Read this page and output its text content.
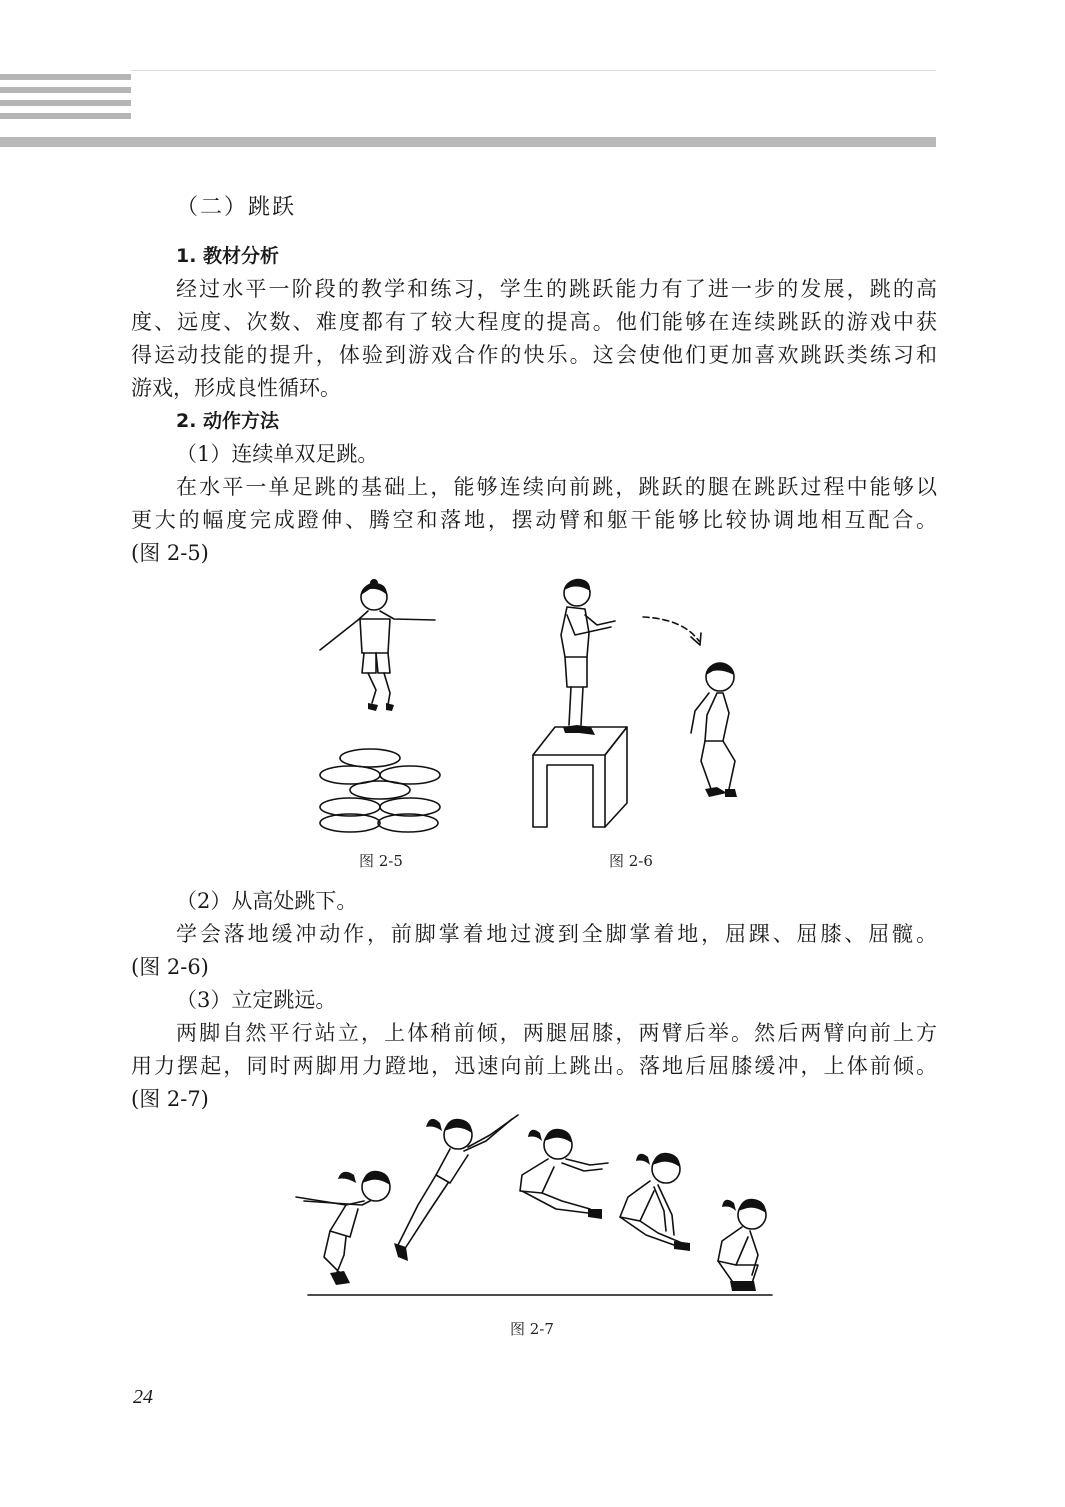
（二）跳跃
1. 教材分析
经过水平一阶段的教学和练习，学生的跳跃能力有了进一步的发展，跳的高
度、远度、次数、难度都有了较大程度的提高。他们能够在连续跳跃的游戏中获
得运动技能的提升，体验到游戏合作的快乐。这会使他们更加喜欢跳跃类练习和
游戏，形成良性循环。
2. 动作方法
（1）连续单双足跳。
在水平一单足跳的基础上，能够连续向前跳，跳跃的腿在跳跃过程中能够以
更大的幅度完成蹬伸、腾空和落地，摆动臂和躯干能够比较协调地相互配合。
(图 2-5)
图 2-5	图 2-6
（2）从高处跳下。
学会落地缓冲动作，前脚掌着地过渡到全脚掌着地，屈踝、屈膝、屈髋。
(图 2-6)
（3）立定跳远。
两脚自然平行站立，上体稍前倾，两腿屈膝，两臂后举。然后两臂向前上方
用力摆起，同时两脚用力蹬地，迅速向前上跳出。落地后屈膝缓冲，上体前倾。
(图 2-7)
图 2-7
24
